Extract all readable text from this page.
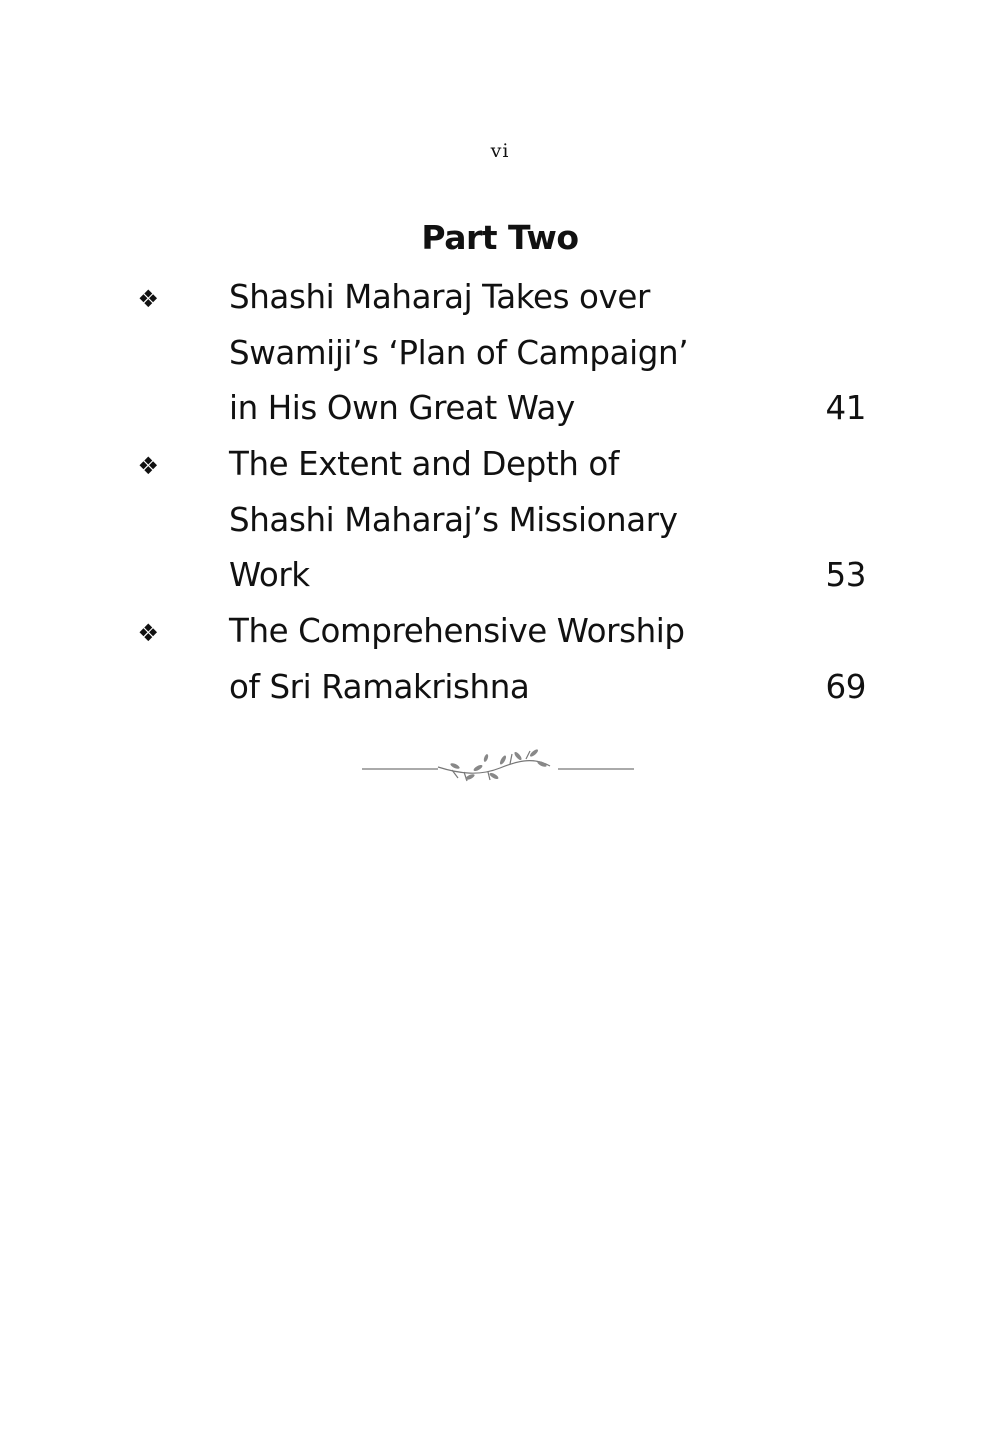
vi
Part Two
❖ Shashi Maharaj Takes over
Swamiji’s ‘Plan of Campaign’
in His Own Great Way	41
❖ The Extent and Depth of
Shashi Maharaj’s Missionary
Work	53
❖ The Comprehensive Worship
of Sri Ramakrishna	69
